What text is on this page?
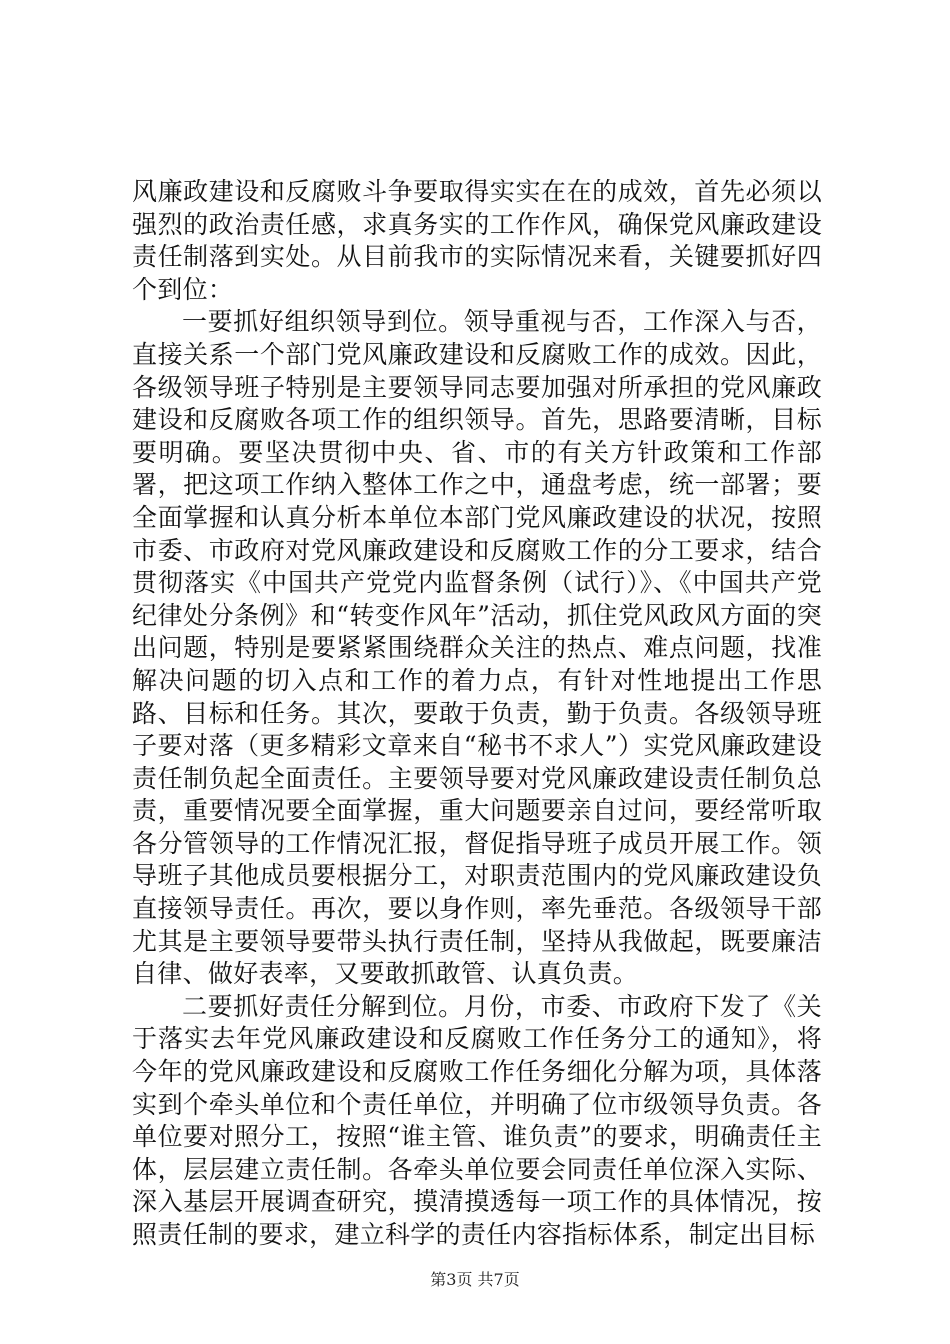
风廉政建设和反腐败斗争要取得实实在在的成效，首先必须以强烈的政治责任感，求真务实的工作作风，确保党风廉政建设责任制落到实处。从目前我市的实际情况来看，关键要抓好四个到位：

一要抓好组织领导到位。领导重视与否，工作深入与否，直接关系一个部门党风廉政建设和反腐败工作的成效。因此，各级领导班子特别是主要领导同志要加强对所承担的党风廉政建设和反腐败各项工作的组织领导。首先，思路要清晰，目标要明确。要坚决贯彻中央、省、市的有关方针政策和工作部署，把这项工作纳入整体工作之中，通盘考虑，统一部署；要全面掌握和认真分析本单位本部门党风廉政建设的状况，按照市委、市政府对党风廉政建设和反腐败工作的分工要求，结合贯彻落实《中国共产党党内监督条例（试行）》、《中国共产党纪律处分条例》和“转变作风年”活动，抓住党风政风方面的突出问题，特别是要紧紧围绕群众关注的热点、难点问题，找准解决问题的切入点和工作的着力点，有针对性地提出工作思路、目标和任务。其次，要敢于负责，勤于负责。各级领导班子要对落（更多精彩文章来自“秘书不求人”）实党风廉政建设责任制负起全面责任。主要领导要对党风廉政建设责任制负总责，重要情况要全面掌握，重大问题要亲自过问，要经常听取各分管领导的工作情况汇报，督促指导班子成员开展工作。领导班子其他成员要根据分工，对职责范围内的党风廉政建设负直接领导责任。再次，要以身作则，率先垂范。各级领导干部尤其是主要领导要带头执行责任制，坚持从我做起，既要廉洁自律、做好表率，又要敢抓敢管、认真负责。

二要抓好责任分解到位。月份，市委、市政府下发了《关于落实去年党风廉政建设和反腐败工作任务分工的通知》，将今年的党风廉政建设和反腐败工作任务细化分解为项，具体落实到个牵头单位和个责任单位，并明确了位市级领导负责。各单位要对照分工，按照“谁主管、谁负责”的要求，明确责任主体，层层建立责任制。各牵头单位要会同责任单位深入实际、深入基层开展调查研究，摸清摸透每一项工作的具体情况，按照责任制的要求，建立科学的责任内容指标体系，制定出目标

第3页 共7页
